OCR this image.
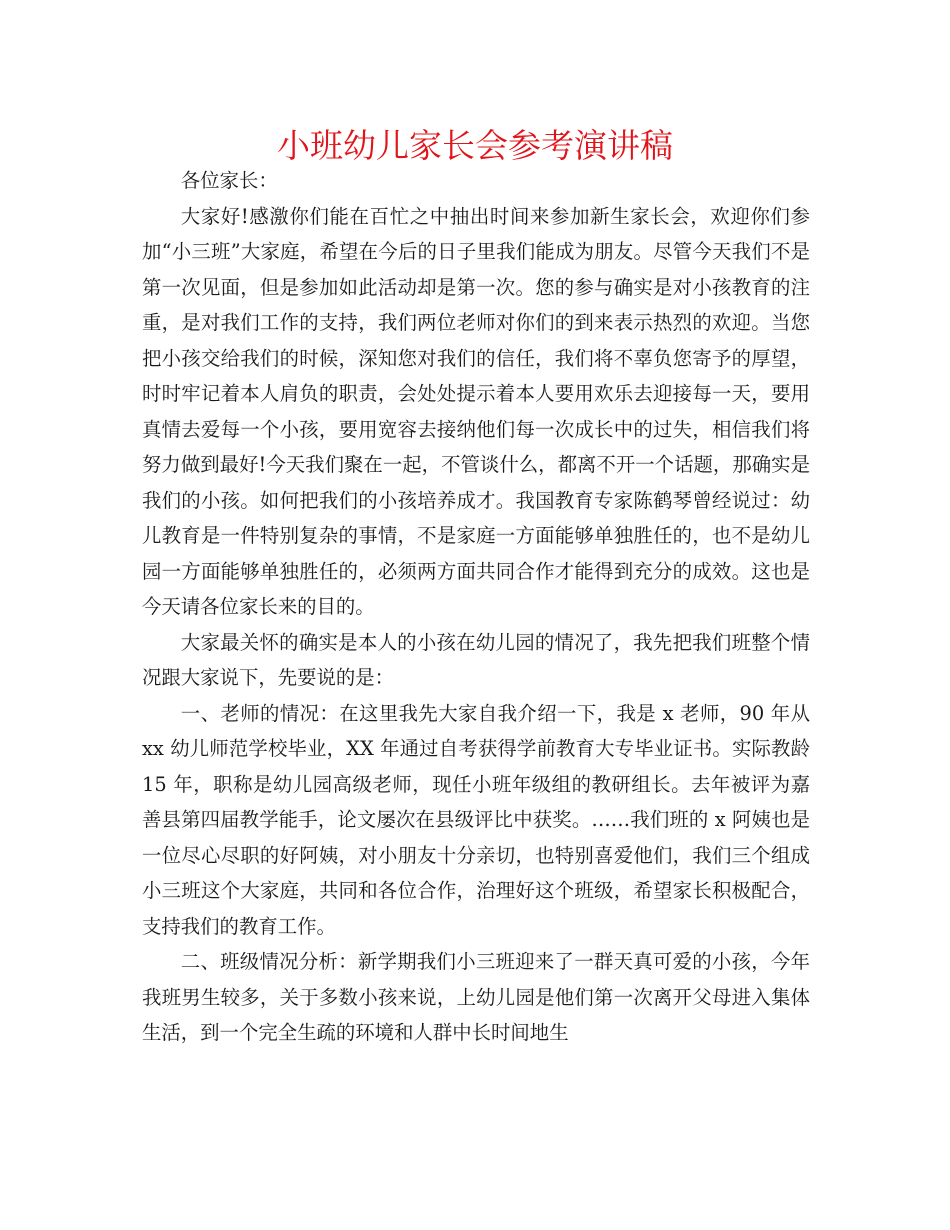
小班幼儿家长会参考演讲稿

各位家长：

大家好!感激你们能在百忙之中抽出时间来参加新生家长会，欢迎你们参加“小三班”大家庭，希望在今后的日子里我们能成为朋友。尽管今天我们不是第一次见面，但是参加如此活动却是第一次。您的参与确实是对小孩教育的注重，是对我们工作的支持，我们两位老师对你们的到来表示热烈的欢迎。当您把小孩交给我们的时候，深知您对我们的信任，我们将不辜负您寄予的厚望，时时牢记着本人肩负的职责，会处处提示着本人要用欢乐去迎接每一天，要用真情去爱每一个小孩，要用宽容去接纳他们每一次成长中的过失，相信我们将努力做到最好!今天我们聚在一起，不管谈什么，都离不开一个话题，那确实是我们的小孩。如何把我们的小孩培养成才。我国教育专家陈鹤琴曾经说过：幼儿教育是一件特别复杂的事情，不是家庭一方面能够单独胜任的，也不是幼儿园一方面能够单独胜任的，必须两方面共同合作才能得到充分的成效。这也是今天请各位家长来的目的。

大家最关怀的确实是本人的小孩在幼儿园的情况了，我先把我们班整个情况跟大家说下，先要说的是：

一、老师的情况：在这里我先大家自我介绍一下，我是 x 老师，90 年从 xx 幼儿师范学校毕业，XX 年通过自考获得学前教育大专毕业证书。实际教龄 15 年，职称是幼儿园高级老师，现任小班年级组的教研组长。去年被评为嘉善县第四届教学能手，论文屡次在县级评比中获奖。……我们班的 x 阿姨也是一位尽心尽职的好阿姨，对小朋友十分亲切，也特别喜爱他们，我们三个组成小三班这个大家庭，共同和各位合作，治理好这个班级，希望家长积极配合，支持我们的教育工作。

二、班级情况分析：新学期我们小三班迎来了一群天真可爱的小孩，今年我班男生较多，关于多数小孩来说，上幼儿园是他们第一次离开父母进入集体生活，到一个完全生疏的环境和人群中长时间地生
